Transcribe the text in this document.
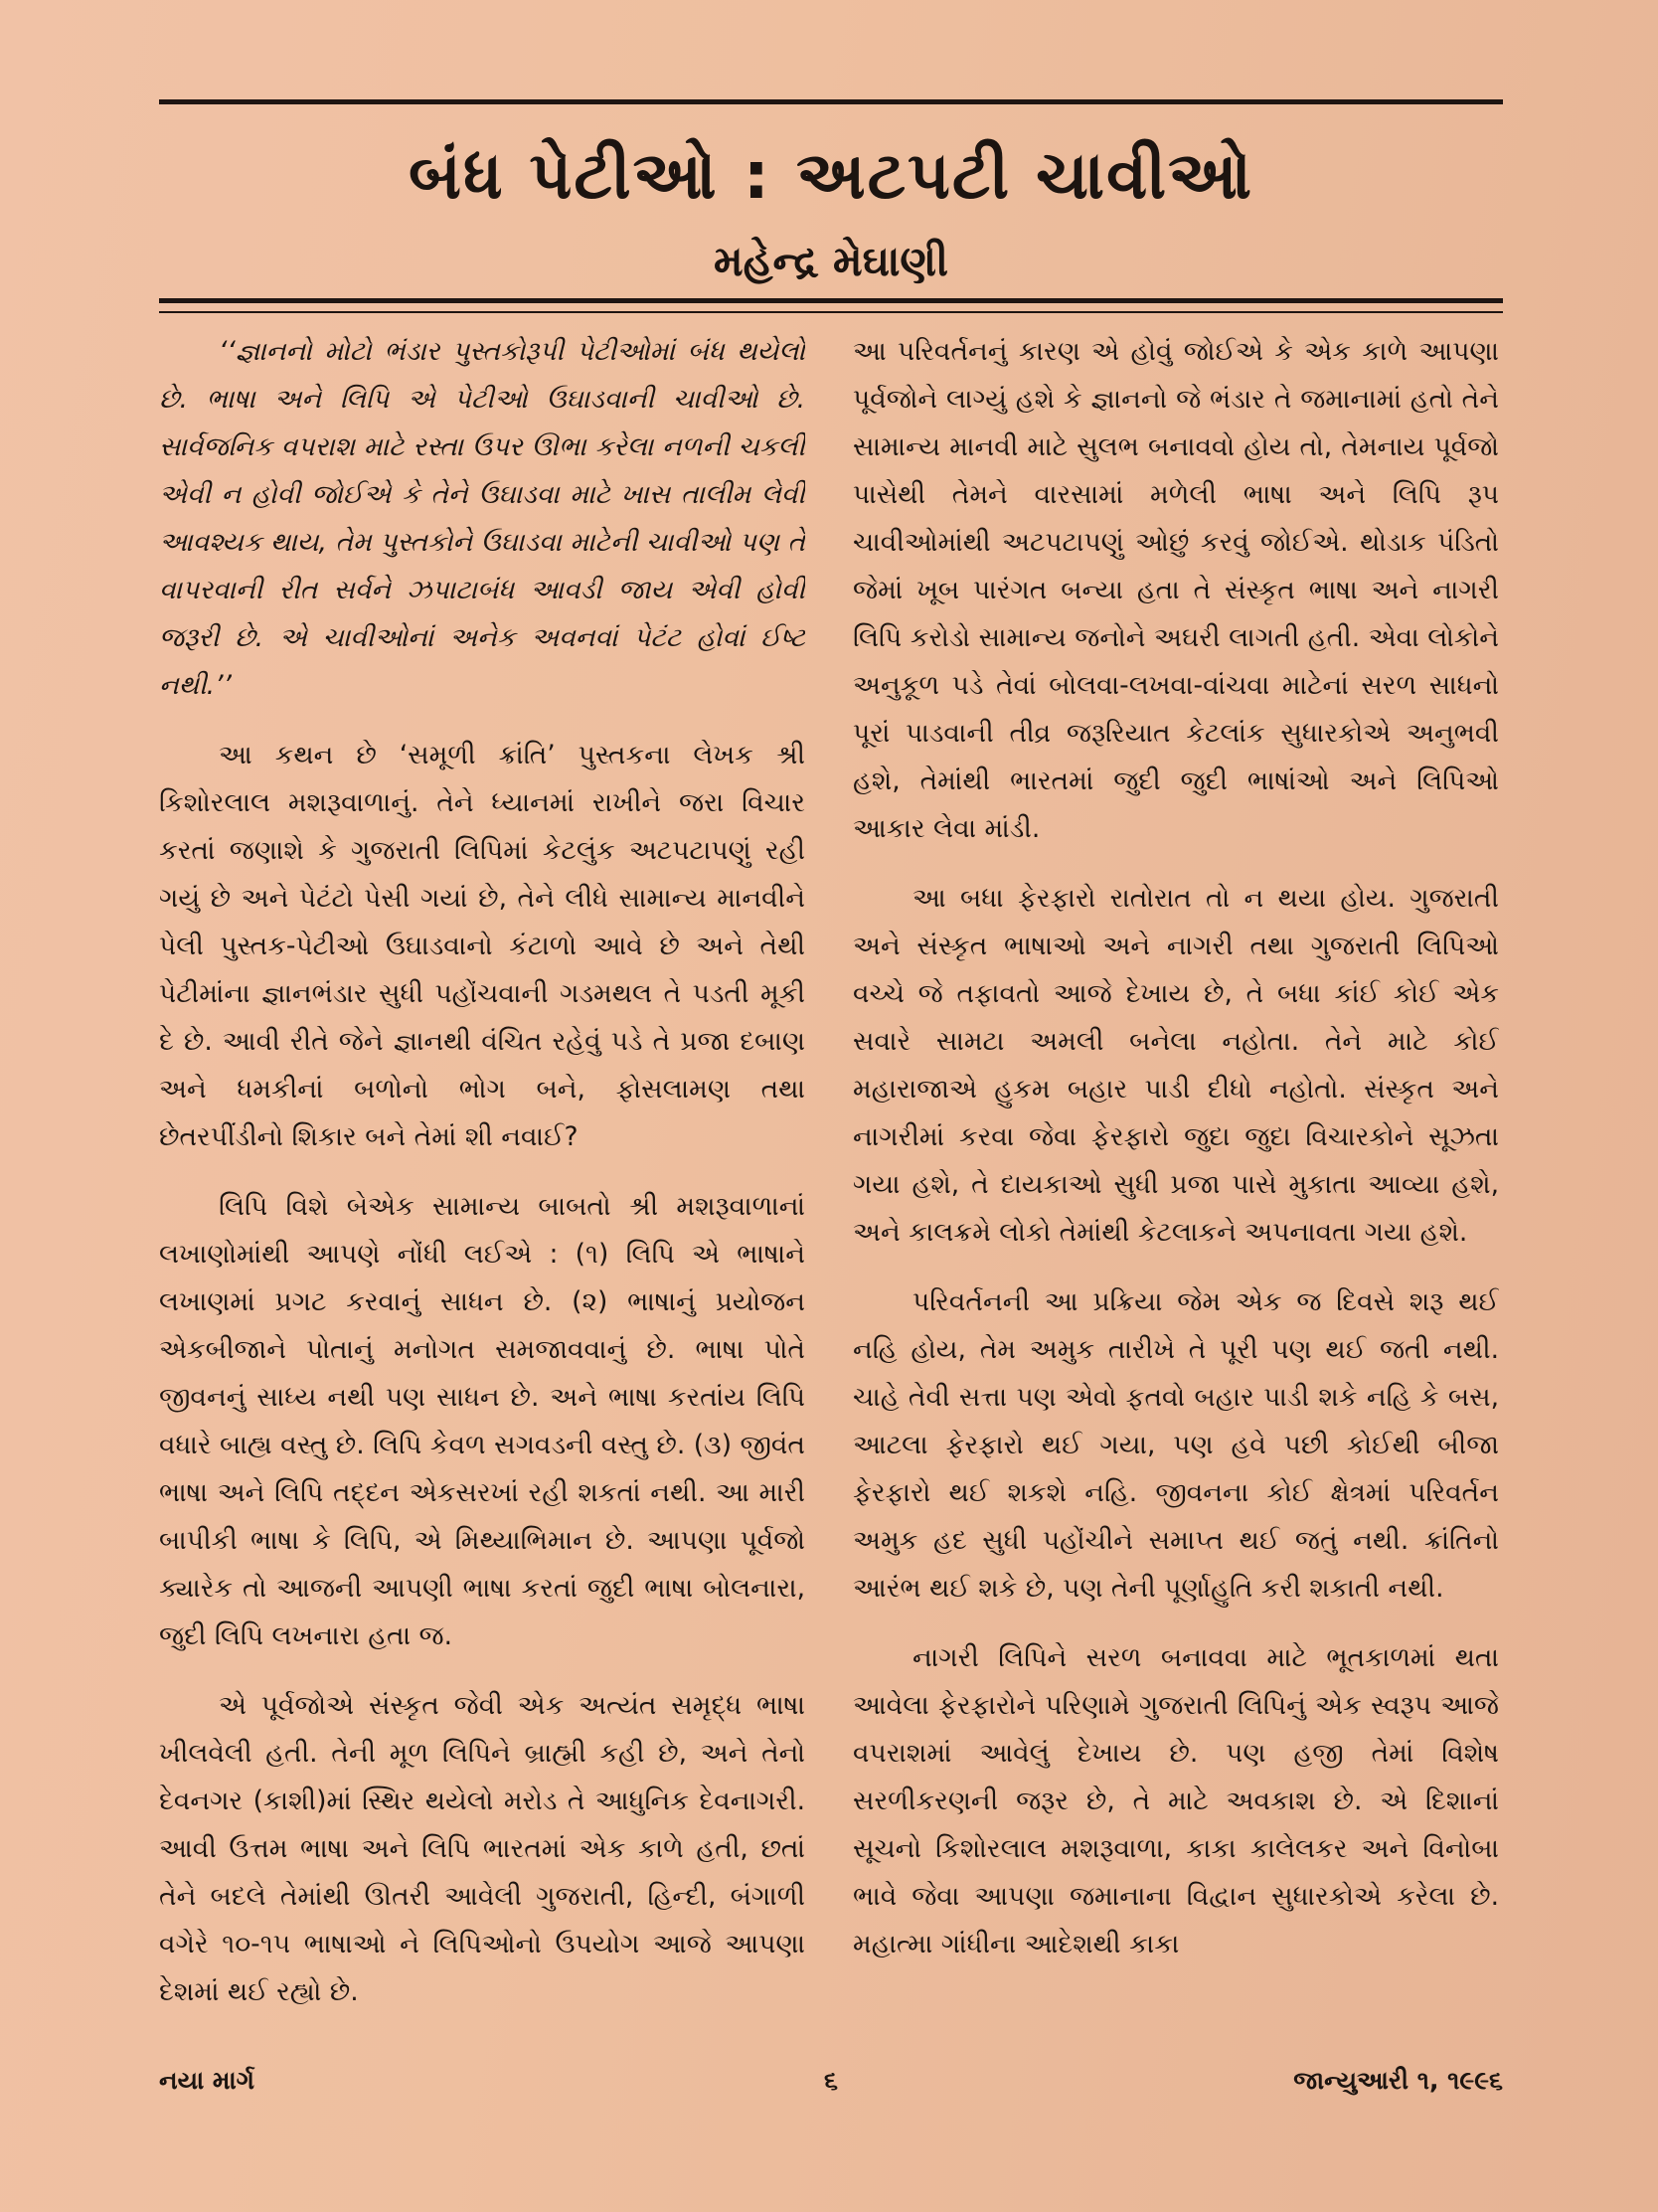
બંધ પેટીઓ : અટપટી ચાવીઓ
મહેન્દ્ર મેઘાણી

‘‘જ્ઞાનનો મોટો ભંડાર પુસ્તકોરૂપી પેટીઓમાં બંધ થયેલો છે. ભાષા અને લિપિ એ પેટીઓ ઉઘાડવાની ચાવીઓ છે. સાર્વજનિક વપરાશ માટે રસ્તા ઉપર ઊભા કરેલા નળની ચકલી એવી ન હોવી જોઈએ કે તેને ઉઘાડવા માટે ખાસ તાલીમ લેવી આવશ્યક થાય, તેમ પુસ્તકોને ઉઘાડવા માટેની ચાવીઓ પણ તે વાપરવાની રીત સર્વને ઝપાટાબંધ આવડી જાય એવી હોવી જરૂરી છે. એ ચાવીઓનાં અનેક અવનવાં પેટંટ હોવાં ઈષ્ટ નથી.’’

આ કથન છે ‘સમૂળી ક્રાંતિ’ પુસ્તકના લેખક શ્રી કિશોરલાલ મશરૂવાળાનું. તેને ધ્યાનમાં રાખીને જરા વિચાર કરતાં જણાશે કે ગુજરાતી લિપિમાં કેટલુંક અટપટાપણું રહી ગયું છે અને પેટંટો પેસી ગયાં છે, તેને લીધે સામાન્ય માનવીને પેલી પુસ્તક-પેટીઓ ઉઘાડવાનો કંટાળો આવે છે અને તેથી પેટીમાંના જ્ઞાનભંડાર સુધી પહોંચવાની ગડમથલ તે પડતી મૂકી દે છે. આવી રીતે જેને જ્ઞાનથી વંચિત રહેવું પડે તે પ્રજા દબાણ અને ધમકીનાં બળોનો ભોગ બને, ફોસલામણ તથા છેતરપીંડીનો શિકાર બને તેમાં શી નવાઈ?

લિપિ વિશે બેએક સામાન્ય બાબતો શ્રી મશરૂવાળાનાં લખાણોમાંથી આપણે નોંધી લઈએ : (૧) લિપિ એ ભાષાને લખાણમાં પ્રગટ કરવાનું સાધન છે. (૨) ભાષાનું પ્રયોજન એકબીજાને પોતાનું મનોગત સમજાવવાનું છે. ભાષા પોતે જીવનનું સાધ્ય નથી પણ સાધન છે. અને ભાષા કરતાંય લિપિ વધારે બાહ્ય વસ્તુ છે. લિપિ કેવળ સગવડની વસ્તુ છે. (૩) જીવંત ભાષા અને લિપિ તદ્દન એકસરખાં રહી શકતાં નથી. આ મારી બાપીકી ભાષા કે લિપિ, એ મિથ્યાભિમાન છે. આપણા પૂર્વજો ક્યારેક તો આજની આપણી ભાષા કરતાં જુદી ભાષા બોલનારા, જુદી લિપિ લખનારા હતા જ.

એ પૂર્વજોએ સંસ્કૃત જેવી એક અત્યંત સમૃદ્ધ ભાષા ખીલવેલી હતી. તેની મૂળ લિપિને બ્રાહ્મી કહી છે, અને તેનો દેવનગર (કાશી)માં સ્થિર થયેલો મરોડ તે આધુનિક દેવનાગરી. આવી ઉત્તમ ભાષા અને લિપિ ભારતમાં એક કાળે હતી, છતાં તેને બદલે તેમાંથી ઊતરી આવેલી ગુજરાતી, હિન્દી, બંગાળી વગેરે ૧૦-૧૫ ભાષાઓ ને લિપિઓનો ઉપયોગ આજે આપણા દેશમાં થઈ રહ્યો છે.

આ પરિવર્તનનું કારણ એ હોવું જોઈએ કે એક કાળે આપણા પૂર્વજોને લાગ્યું હશે કે જ્ઞાનનો જે ભંડાર તે જમાનામાં હતો તેને સામાન્ય માનવી માટે સુલભ બનાવવો હોય તો, તેમનાય પૂર્વજો પાસેથી તેમને વારસામાં મળેલી ભાષા અને લિપિ રૂપ ચાવીઓમાંથી અટપટાપણું ઓછું કરવું જોઈએ. થોડાક પંડિતો જેમાં ખૂબ પારંગત બન્યા હતા તે સંસ્કૃત ભાષા અને નાગરી લિપિ કરોડો સામાન્ય જનોને અઘરી લાગતી હતી. એવા લોકોને અનુકૂળ પડે તેવાં બોલવા-લખવા-વાંચવા માટેનાં સરળ સાધનો પૂરાં પાડવાની તીવ્ર જરૂરિયાત કેટલાંક સુધારકોએ અનુભવી હશે, તેમાંથી ભારતમાં જુદી જુદી ભાષાંઓ અને લિપિઓ આકાર લેવા માંડી.

આ બધા ફેરફારો રાતોરાત તો ન થયા હોય. ગુજરાતી અને સંસ્કૃત ભાષાઓ અને નાગરી તથા ગુજરાતી લિપિઓ વચ્ચે જે તફાવતો આજે દેખાય છે, તે બધા કાંઈ કોઈ એક સવારે સામટા અમલી બનેલા નહોતા. તેને માટે કોઈ મહારાજાએ હુકમ બહાર પાડી દીધો નહોતો. સંસ્કૃત અને નાગરીમાં કરવા જેવા ફેરફારો જુદા જુદા વિચારકોને સૂઝતા ગયા હશે, તે દાયકાઓ સુધી પ્રજા પાસે મુકાતા આવ્યા હશે, અને કાલક્રમે લોકો તેમાંથી કેટલાકને અપનાવતા ગયા હશે.

પરિવર્તનની આ પ્રક્રિયા જેમ એક જ દિવસે શરૂ થઈ નહિ હોય, તેમ અમુક તારીખે તે પૂરી પણ થઈ જતી નથી. ચાહે તેવી સત્તા પણ એવો ફતવો બહાર પાડી શકે નહિ કે બસ, આટલા ફેરફારો થઈ ગયા, પણ હવે પછી કોઈથી બીજા ફેરફારો થઈ શકશે નહિ. જીવનના કોઈ ક્ષેત્રમાં પરિવર્તન અમુક હદ સુધી પહોંચીને સમાપ્ત થઈ જતું નથી. ક્રાંતિનો આરંભ થઈ શકે છે, પણ તેની પૂર્ણાહુતિ કરી શકાતી નથી.

નાગરી લિપિને સરળ બનાવવા માટે ભૂતકાળમાં થતા આવેલા ફેરફારોને પરિણામે ગુજરાતી લિપિનું એક સ્વરૂપ આજે વપરાશમાં આવેલું દેખાય છે. પણ હજી તેમાં વિશેષ સરળીકરણની જરૂર છે, તે માટે અવકાશ છે. એ દિશાનાં સૂચનો કિશોરલાલ મશરૂવાળા, કાકા કાલેલકર અને વિનોબા ભાવે જેવા આપણા જમાનાના વિદ્વાન સુધારકોએ કરેલા છે. મહાત્મા ગાંધીના આદેશથી કાકા

નયા માર્ગ	૬	જાન્યુઆરી ૧, ૧૯૯૬
